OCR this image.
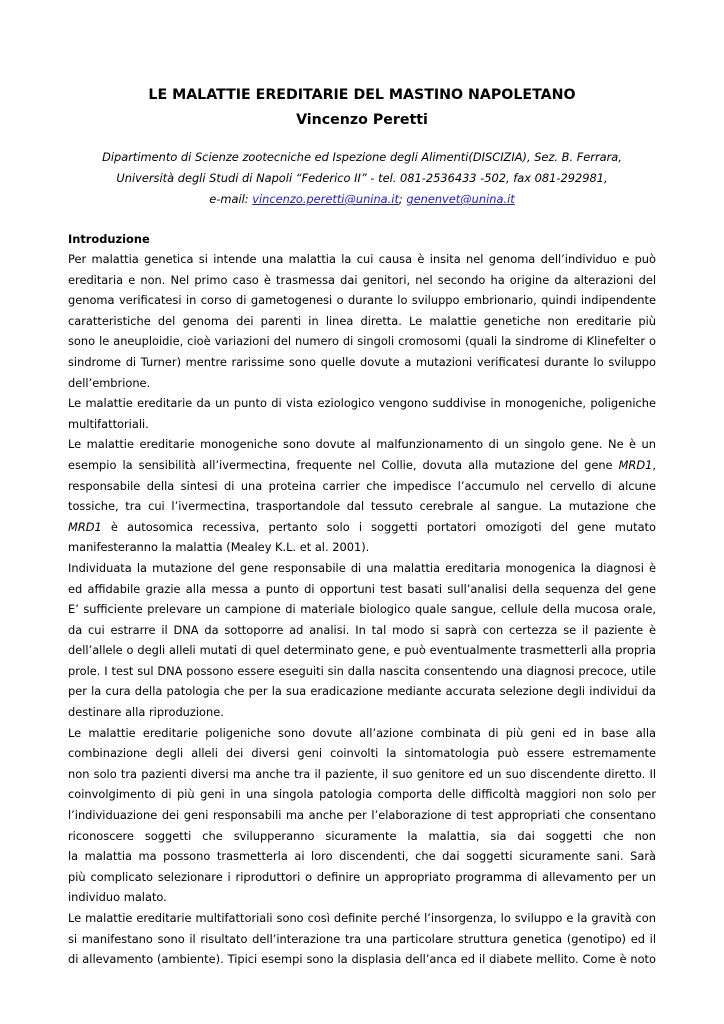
LE MALATTIE EREDITARIE DEL MASTINO NAPOLETANO

Vincenzo Peretti

Dipartimento di Scienze zootecniche ed Ispezione degli Alimenti(DISCIZIA), Sez. B. Ferrara,
Università degli Studi di Napoli “Federico II” - tel. 081-2536433 -502, fax 081-292981,
e-mail: vincenzo.peretti@unina.it; genenvet@unina.it
Introduzione
Per malattia genetica si intende una malattia la cui causa è insita nel genoma dell’individuo e può
ereditaria e non. Nel primo caso è trasmessa dai genitori, nel secondo ha origine da alterazioni del
genoma verificatesi in corso di gametogenesi o durante lo sviluppo embrionario, quindi indipendente
caratteristiche del genoma dei parenti in linea diretta. Le malattie genetiche non ereditarie più
sono le aneuploidie, cioè variazioni del numero di singoli cromosomi (quali la sindrome di Klinefelter o
sindrome di Turner) mentre rarissime sono quelle dovute a mutazioni verificatesi durante lo sviluppo
dell’embrione.
Le malattie ereditarie da un punto di vista eziologico vengono suddivise in monogeniche, poligeniche
multifattoriali.
Le malattie ereditarie monogeniche sono dovute al malfunzionamento di un singolo gene. Ne è un
esempio la sensibilità all’ivermectina, frequente nel Collie, dovuta alla mutazione del gene MRD1,
responsabile della sintesi di una proteina carrier che impedisce l’accumulo nel cervello di alcune
tossiche, tra cui l’ivermectina, trasportandole dal tessuto cerebrale al sangue. La mutazione che
MRD1 è autosomica recessiva, pertanto solo i soggetti portatori omozigoti del gene mutato
manifesteranno la malattia (Mealey K.L. et al. 2001).
Individuata la mutazione del gene responsabile di una malattia ereditaria monogenica la diagnosi è
ed affidabile grazie alla messa a punto di opportuni test basati sull’analisi della sequenza del gene
E’ sufficiente prelevare un campione di materiale biologico quale sangue, cellule della mucosa orale,
da cui estrarre il DNA da sottoporre ad analisi. In tal modo si saprà con certezza se il paziente è
dell’allele o degli alleli mutati di quel determinato gene, e può eventualmente trasmetterli alla propria
prole. I test sul DNA possono essere eseguiti sin dalla nascita consentendo una diagnosi precoce, utile
per la cura della patologia che per la sua eradicazione mediante accurata selezione degli individui da
destinare alla riproduzione.
Le malattie ereditarie poligeniche sono dovute all’azione combinata di più geni ed in base alla
combinazione degli alleli dei diversi geni coinvolti la sintomatologia può essere estremamente
non solo tra pazienti diversi ma anche tra il paziente, il suo genitore ed un suo discendente diretto. Il
coinvolgimento di più geni in una singola patologia comporta delle difficoltà maggiori non solo per
l’individuazione dei geni responsabili ma anche per l’elaborazione di test appropriati che consentano
riconoscere soggetti che svilupperanno sicuramente la malattia, sia dai soggetti che non
la malattia ma possono trasmetterla ai loro discendenti, che dai soggetti sicuramente sani. Sarà
più complicato selezionare i riproduttori o definire un appropriato programma di allevamento per un
individuo malato.
Le malattie ereditarie multifattoriali sono così definite perché l’insorgenza, lo sviluppo e la gravità con
si manifestano sono il risultato dell’interazione tra una particolare struttura genetica (genotipo) ed il
di allevamento (ambiente). Tipici esempi sono la displasia dell’anca ed il diabete mellito. Come è noto
